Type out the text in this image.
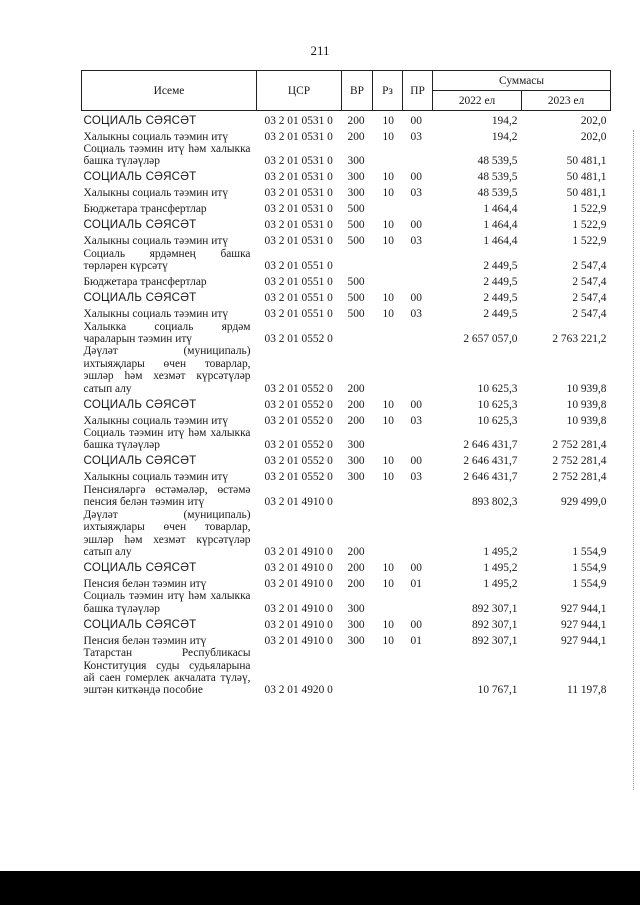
211
Исеме	ЦСР	ВР	Рз	ПР	Суммасы	
					2022 ел	2023 ел
СОЦИАЛЬ СӘЯСӘТ	03 2 01 0531 0	200	10	00	194,2	202,0
Халыкны социаль тәэмин итү	03 2 01 0531 0	200	10	03	194,2	202,0
Социаль тәэмин итү һәм халыкка башка түләүләр	03 2 01 0531 0	300			48 539,5	50 481,1
СОЦИАЛЬ СӘЯСӘТ	03 2 01 0531 0	300	10	00	48 539,5	50 481,1
Халыкны социаль тәэмин итү	03 2 01 0531 0	300	10	03	48 539,5	50 481,1
Бюджетара трансфертлар	03 2 01 0531 0	500			1 464,4	1 522,9
СОЦИАЛЬ СӘЯСӘТ	03 2 01 0531 0	500	10	00	1 464,4	1 522,9
Халыкны социаль тәэмин итү	03 2 01 0531 0	500	10	03	1 464,4	1 522,9
Социаль ярдәмнең башка төрләрен күрсәтү	03 2 01 0551 0				2 449,5	2 547,4
Бюджетара трансфертлар	03 2 01 0551 0	500			2 449,5	2 547,4
СОЦИАЛЬ СӘЯСӘТ	03 2 01 0551 0	500	10	00	2 449,5	2 547,4
Халыкны социаль тәэмин итү	03 2 01 0551 0	500	10	03	2 449,5	2 547,4
Халыкка социаль ярдәм чараларын тәэмин итү	03 2 01 0552 0				2 657 057,0	2 763 221,2
Дәүләт (муниципаль) ихтыяҗлары өчен товарлар, эшләр һәм хезмәт күрсәтүләр сатып алу	03 2 01 0552 0	200			10 625,3	10 939,8
СОЦИАЛЬ СӘЯСӘТ	03 2 01 0552 0	200	10	00	10 625,3	10 939,8
Халыкны социаль тәэмин итү	03 2 01 0552 0	200	10	03	10 625,3	10 939,8
Социаль тәэмин итү һәм халыкка башка түләүләр	03 2 01 0552 0	300			2 646 431,7	2 752 281,4
СОЦИАЛЬ СӘЯСӘТ	03 2 01 0552 0	300	10	00	2 646 431,7	2 752 281,4
Халыкны социаль тәэмин итү	03 2 01 0552 0	300	10	03	2 646 431,7	2 752 281,4
Пенсияләргә өстәмәләр, өстәмә пенсия белән тәэмин итү	03 2 01 4910 0				893 802,3	929 499,0
Дәүләт (муниципаль) ихтыяҗлары өчен товарлар, эшләр һәм хезмәт күрсәтүләр сатып алу	03 2 01 4910 0	200			1 495,2	1 554,9
СОЦИАЛЬ СӘЯСӘТ	03 2 01 4910 0	200	10	00	1 495,2	1 554,9
Пенсия белән тәэмин итү	03 2 01 4910 0	200	10	01	1 495,2	1 554,9
Социаль тәэмин итү һәм халыкка башка түләүләр	03 2 01 4910 0	300			892 307,1	927 944,1
СОЦИАЛЬ СӘЯСӘТ	03 2 01 4910 0	300	10	00	892 307,1	927 944,1
Пенсия белән тәэмин итү	03 2 01 4910 0	300	10	01	892 307,1	927 944,1
Татарстан Республикасы Конституция суды судьяларына ай саен гомерлек акчалата түләү, эштән киткәндә пособие	03 2 01 4920 0				10 767,1	11 197,8
